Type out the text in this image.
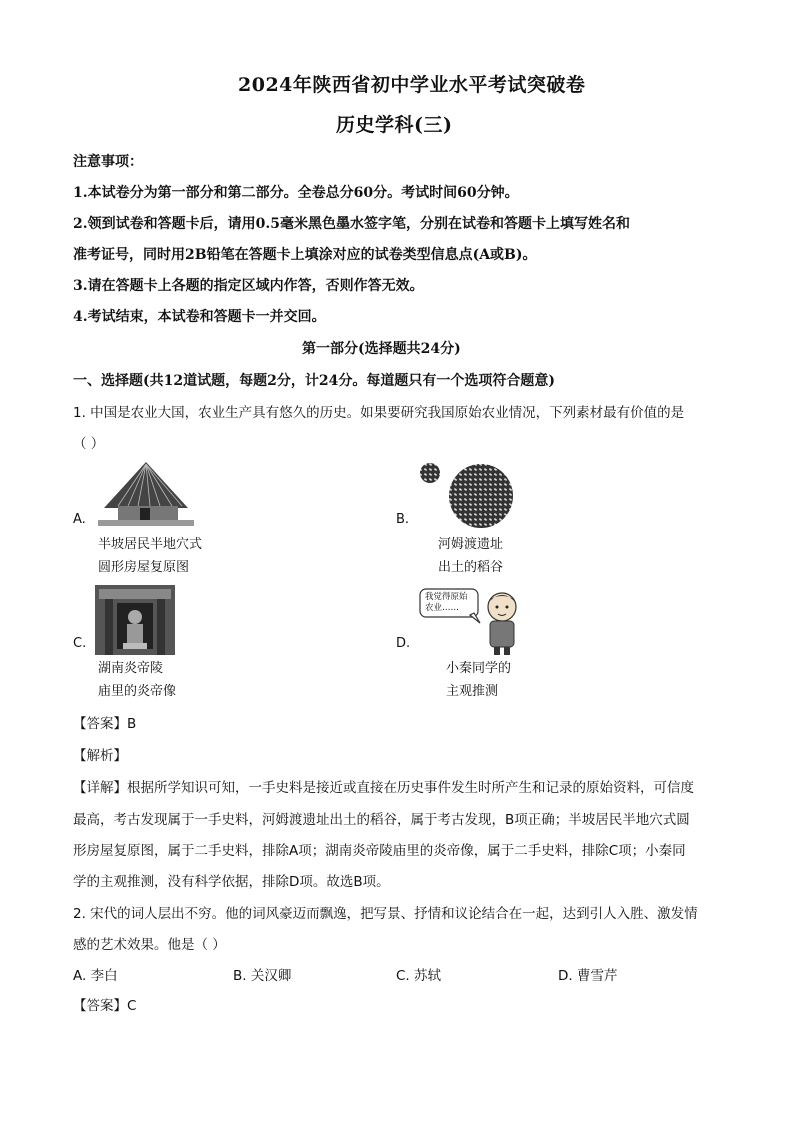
2024年陕西省初中学业水平考试突破卷
历史学科(三)
注意事项：
1.本试卷分为第一部分和第二部分。全卷总分60分。考试时间60分钟。
2.领到试卷和答题卡后，请用0.5毫米黑色墨水签字笔，分别在试卷和答题卡上填写姓名和
准考证号，同时用2B铅笔在答题卡上填涂对应的试卷类型信息点(A或B)。
3.请在答题卡上各题的指定区域内作答，否则作答无效。
4.考试结束，本试卷和答题卡一并交回。
第一部分(选择题共24分)
一、选择题(共12道试题，每题2分，计24分。每道题只有一个选项符合题意)
1. 中国是农业大国，农业生产具有悠久的历史。如果要研究我国原始农业情况，下列素材最有价值的是
（ ）
A.
半坡居民半地穴式
圆形房屋复原图
B.
河姆渡遗址
出土的稻谷
C.
湖南炎帝陵
庙里的炎帝像
D.
我觉得原始
农业……
小秦同学的
主观推测
【答案】B
【解析】
【详解】根据所学知识可知，一手史料是接近或直接在历史事件发生时所产生和记录的原始资料，可信度
最高，考古发现属于一手史料，河姆渡遗址出土的稻谷，属于考古发现，B项正确；半坡居民半地穴式圆
形房屋复原图，属于二手史料，排除A项；湖南炎帝陵庙里的炎帝像，属于二手史料，排除C项；小秦同
学的主观推测，没有科学依据，排除D项。故选B项。
2. 宋代的词人层出不穷。他的词风豪迈而飘逸，把写景、抒情和议论结合在一起，达到引人入胜、激发情
感的艺术效果。他是（ ）
A. 李白	B. 关汉卿	C. 苏轼	D. 曹雪芹
【答案】C
